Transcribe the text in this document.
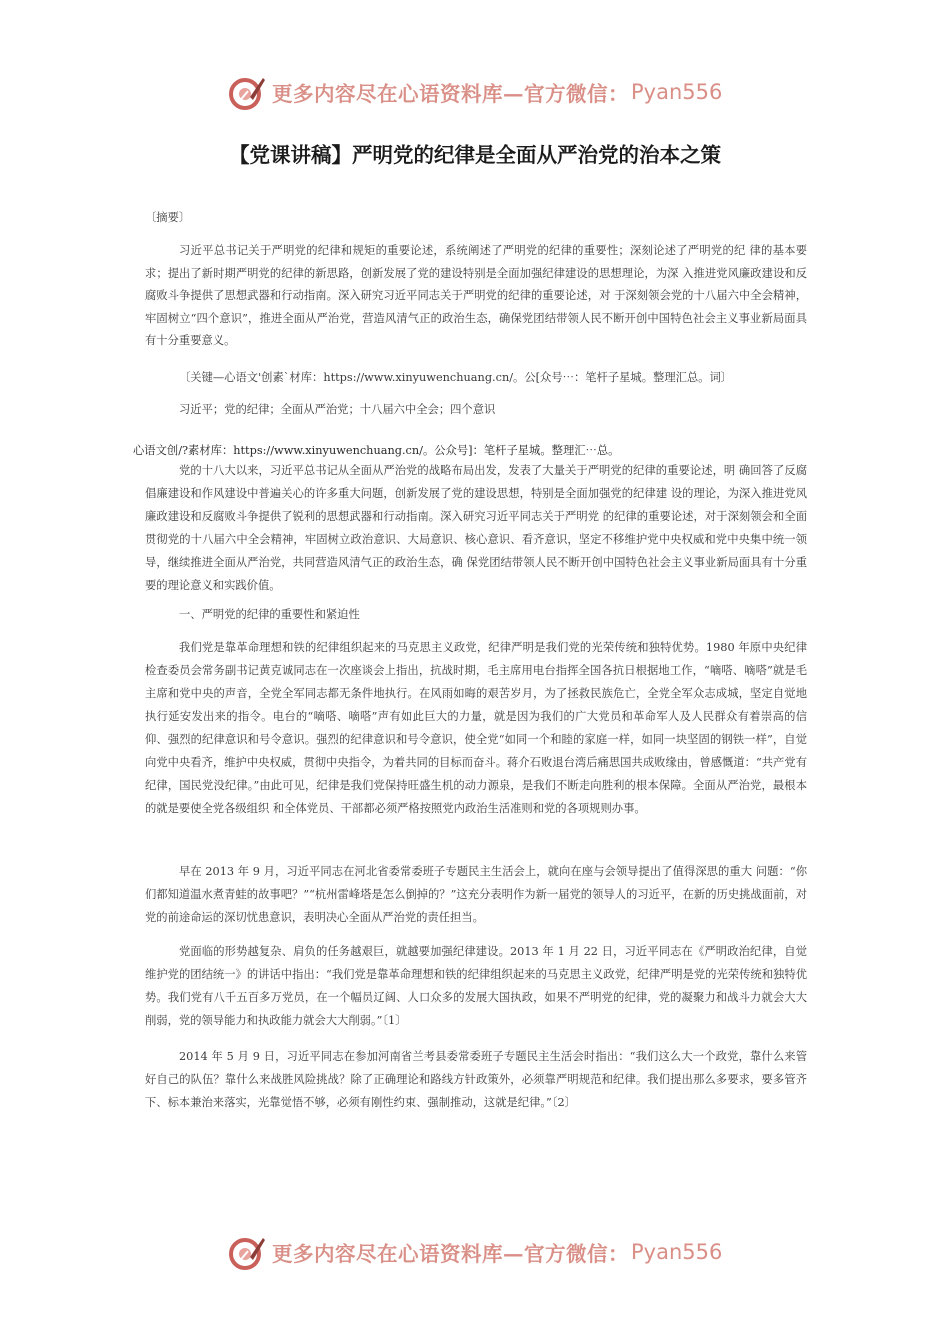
更多内容尽在心语资料库—官方微信： Pyan556
【党课讲稿】严明党的纪律是全面从严治党的治本之策

〔摘要〕

习近平总书记关于严明党的纪律和规矩的重要论述，系统阐述了严明党的纪律的重要性；深刻论述了严明党的纪 律的基本要求；提出了新时期严明党的纪律的新思路，创新发展了党的建设特别是全面加强纪律建设的思想理论，为深 入推进党风廉政建设和反腐败斗争提供了思想武器和行动指南。深入研究习近平同志关于严明党的纪律的重要论述，对 于深刻领会党的十八届六中全会精神，牢固树立“四个意识”，推进全面从严治党，营造风清气正的政治生态，确保党团结带领人民不断开创中国特色社会主义事业新局面具有十分重要意义。

〔关键—心语文'创素`材库：https://www.xinyuwenchuang.cn/。公[众号⋯：笔杆子星城。整理汇总。词〕

习近平；党的纪律；全面从严治党；十八届六中全会；四个意识

心语文创/?素材库：https://www.xinyuwenchuang.cn/。公众号]：笔杆子星城。整理汇⋯总。

党的十八大以来，习近平总书记从全面从严治党的战略布局出发，发表了大量关于严明党的纪律的重要论述，明 确回答了反腐倡廉建设和作风建设中普遍关心的许多重大问题，创新发展了党的建设思想，特别是全面加强党的纪律建 设的理论，为深入推进党风廉政建设和反腐败斗争提供了锐利的思想武器和行动指南。深入研究习近平同志关于严明党 的纪律的重要论述，对于深刻领会和全面贯彻党的十八届六中全会精神，牢固树立政治意识、大局意识、核心意识、看齐意识，坚定不移维护党中央权威和党中央集中统一领导，继续推进全面从严治党，共同营造风清气正的政治生态，确 保党团结带领人民不断开创中国特色社会主义事业新局面具有十分重要的理论意义和实践价值。

一、严明党的纪律的重要性和紧迫性

我们党是靠革命理想和铁的纪律组织起来的马克思主义政党，纪律严明是我们党的光荣传统和独特优势。1980 年原中央纪律检查委员会常务副书记黄克诚同志在一次座谈会上指出，抗战时期，毛主席用电台指挥全国各抗日根据地工作，“嘀嗒、嘀嗒”就是毛主席和党中央的声音，全党全军同志都无条件地执行。在风雨如晦的艰苦岁月，为了拯救民族危亡，全党全军众志成城，坚定自觉地执行延安发出来的指令。电台的“嘀嗒、嘀嗒”声有如此巨大的力量，就是因为我们的广大党员和革命军人及人民群众有着崇高的信仰、强烈的纪律意识和号令意识。强烈的纪律意识和号令意识，使全党“如同一个和睦的家庭一样，如同一块坚固的钢铁一样”，自觉向党中央看齐，维护中央权威，贯彻中央指令，为着共同的目标而奋斗。蒋介石败退台湾后痛思国共成败缘由，曾感慨道：“共产党有纪律，国民党没纪律。”由此可见，纪律是我们党保持旺盛生机的动力源泉，是我们不断走向胜利的根本保障。全面从严治党，最根本的就是要使全党各级组织 和全体党员、干部都必须严格按照党内政治生活准则和党的各项规则办事。

早在 2013 年 9 月，习近平同志在河北省委常委班子专题民主生活会上，就向在座与会领导提出了值得深思的重大 问题：“你们都知道温水煮青蛙的故事吧？”“杭州雷峰塔是怎么倒掉的？”这充分表明作为新一届党的领导人的习近平，在新的历史挑战面前，对党的前途命运的深切忧患意识，表明决心全面从严治党的责任担当。

党面临的形势越复杂、肩负的任务越艰巨，就越要加强纪律建设。2013 年 1 月 22 日，习近平同志在《严明政治纪律，自觉维护党的团结统一》的讲话中指出：“我们党是靠革命理想和铁的纪律组织起来的马克思主义政党，纪律严明是党的光荣传统和独特优势。我们党有八千五百多万党员，在一个幅员辽阔、人口众多的发展大国执政，如果不严明党的纪律，党的凝聚力和战斗力就会大大削弱，党的领导能力和执政能力就会大大削弱。”〔1〕

2014 年 5 月 9 日，习近平同志在参加河南省兰考县委常委班子专题民主生活会时指出：“我们这么大一个政党，靠什么来管好自己的队伍？靠什么来战胜风险挑战？除了正确理论和路线方针政策外，必须靠严明规范和纪律。我们提出那么多要求，要多管齐下、标本兼治来落实，光靠觉悟不够，必须有刚性约束、强制推动，这就是纪律。”〔2〕

更多内容尽在心语资料库—官方微信： Pyan556
